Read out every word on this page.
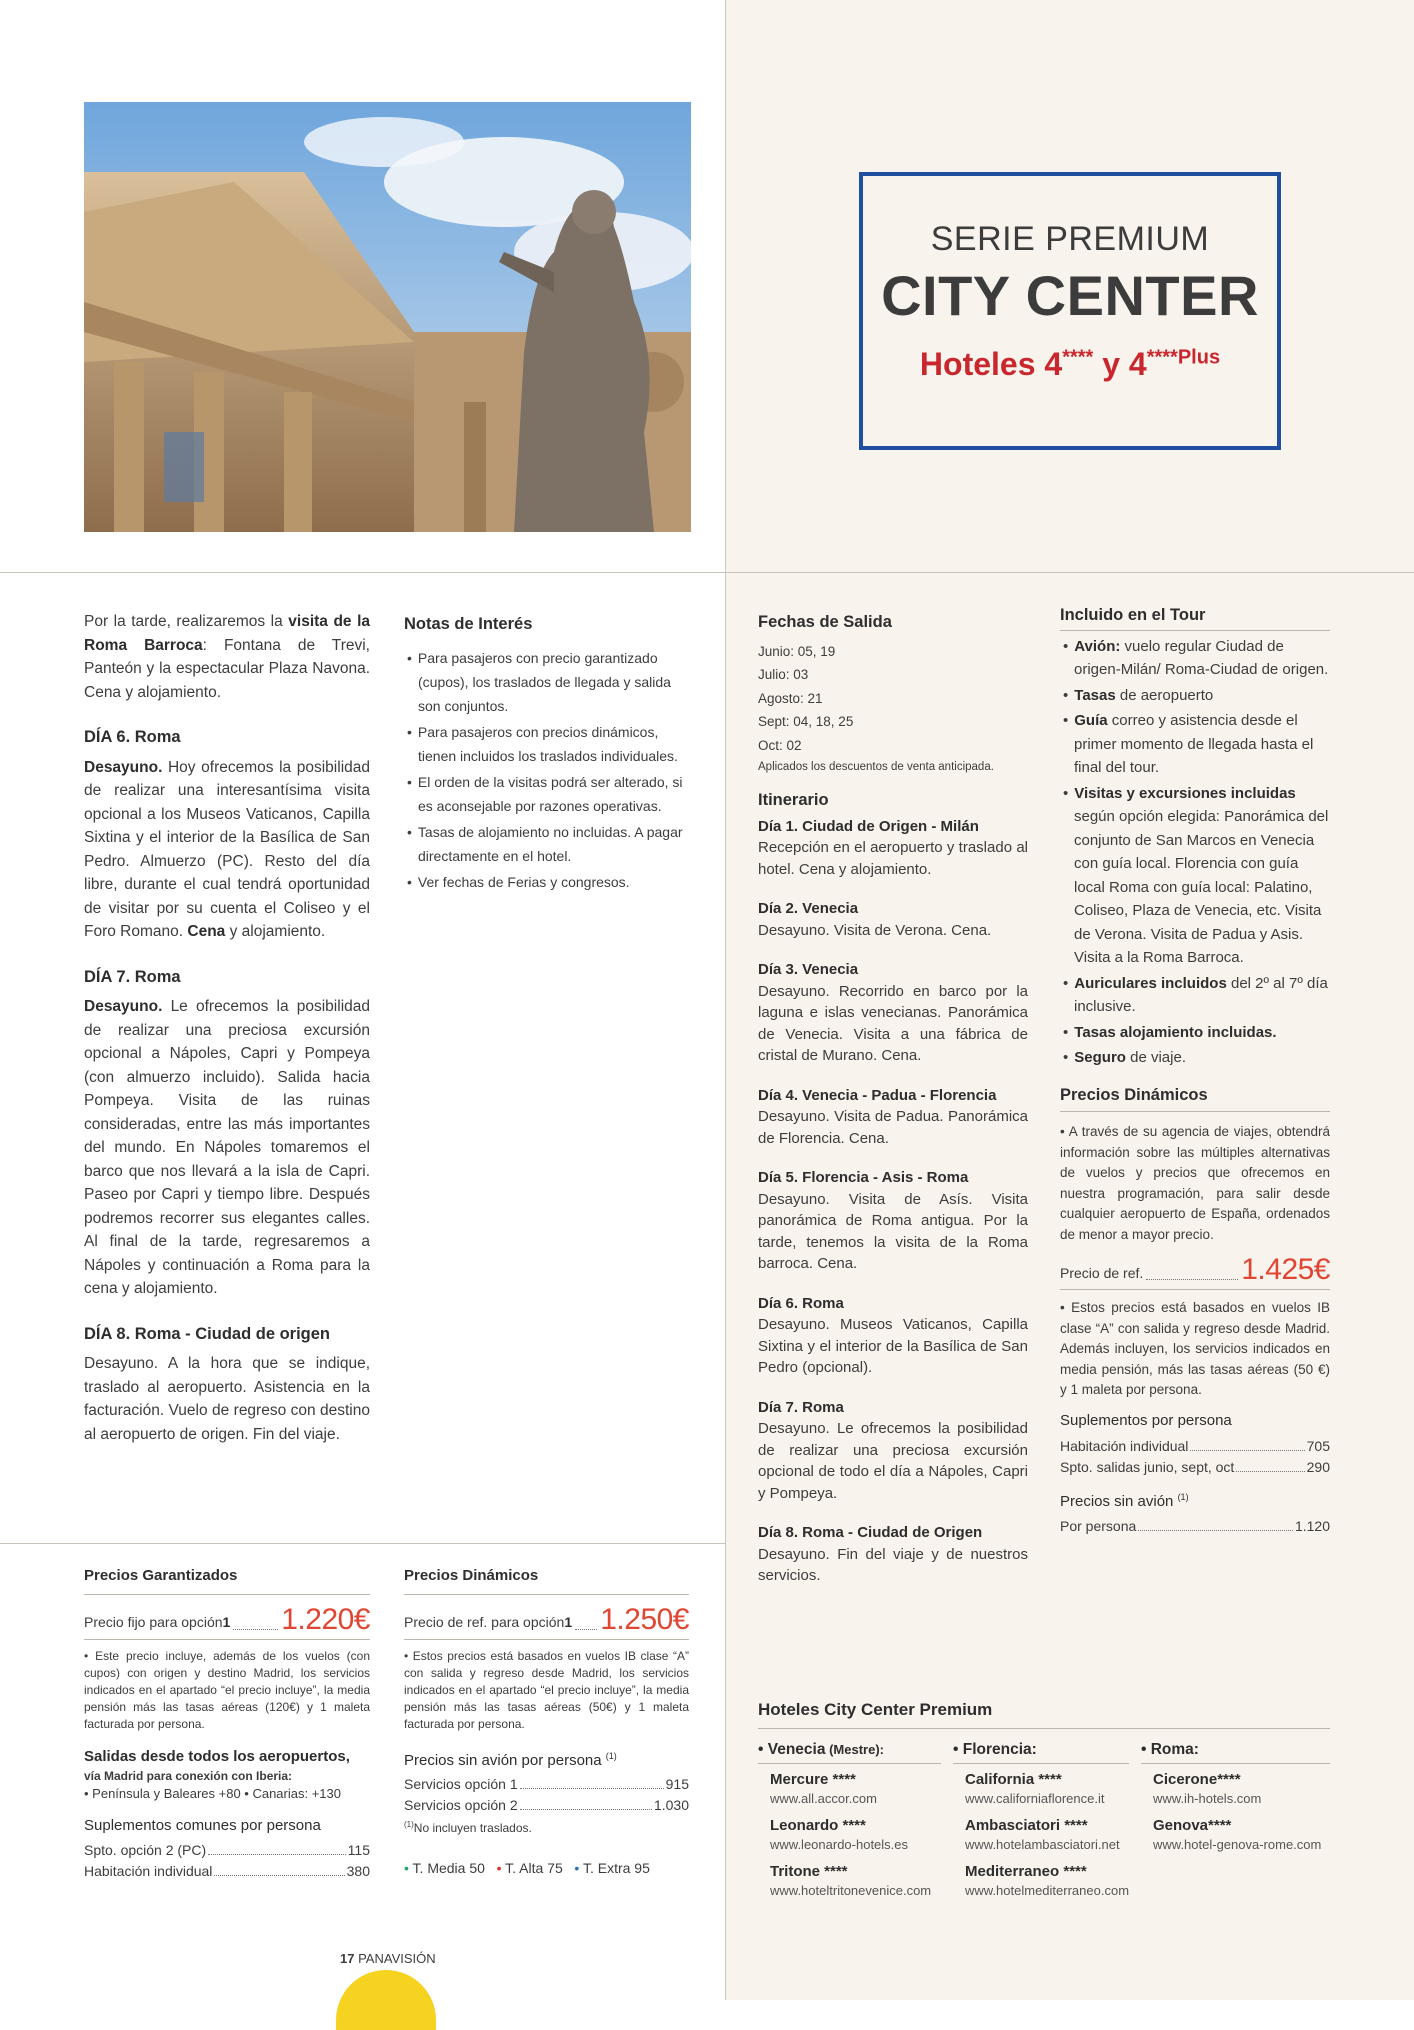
SERIE PREMIUM
CITY CENTER
Hoteles 4**** y $4^{****Plus}$

Por la tarde, realizaremos la visita de la Roma Barroca: Fontana de Trevi, Panteón y la espectacular Plaza Navona. Cena y alojamiento.

DÍA 6. Roma

Desayuno. Hoy ofrecemos la posibilidad de realizar una interesantísima visita opcional a los Museos Vaticanos, Capilla Sixtina y el interior de la Basílica de San Pedro. Almuerzo (PC). Resto del día libre, durante el cual tendrá oportunidad de visitar por su cuenta el Coliseo y el Foro Romano. Cena y alojamiento.

DÍA 7. Roma

Desayuno. Le ofrecemos la posibilidad de realizar una preciosa excursión opcional a Nápoles, Capri y Pompeya (con almuerzo incluido). Salida hacia Pompeya. Visita de las ruinas consideradas, entre las más importantes del mundo. En Nápoles tomaremos el barco que nos llevará a la isla de Capri. Paseo por Capri y tiempo libre. Después podremos recorrer sus elegantes calles. Al final de la tarde, regresaremos a Nápoles y continuación a Roma para la cena y alojamiento.

DÍA 8. Roma - Ciudad de origen

Desayuno. A la hora que se indique, traslado al aeropuerto. Asistencia en la facturación. Vuelo de regreso con destino al aeropuerto de origen. Fin del viaje.

Notas de Interés
• Para pasajeros con precio garantizado (cupos), los traslados de llegada y salida son conjuntos.
• Para pasajeros con precios dinámicos, tienen incluidos los traslados individuales.
• El orden de la visitas podrá ser alterado, si es aconsejable por razones operativas.
• Tasas de alojamiento no incluidas. A pagar directamente en el hotel.
• Ver fechas de Ferias y congresos.
Precios Garantizados
Precio fijo para opción 1 1.220€
• Este precio incluye, además de los vuelos (con cupos) con origen y destino Madrid, los servicios indicados en el apartado “el precio incluye”, la media pensión más las tasas aéreas (120€) y 1 maleta facturada por persona.
Salidas desde todos los aeropuertos,
vía Madrid para conexión con Iberia:
• Península y Baleares +80 • Canarias: +130
Suplementos comunes por persona
Spto. opción 2 (PC)	115
Habitación individual	380
Precios Dinámicos
Precio de ref. para opción 1 1.250€
• Estos precios está basados en vuelos IB clase “A” con salida y regreso desde Madrid, los servicios indicados en el apartado “el precio incluye”, la media pensión más las tasas aéreas (50€) y 1 maleta facturada por persona.
Precios sin avión por persona $^{(1)}$
Servicios opción 1	915
Servicios opción 2	1.030
$^{(1)}$No incluyen traslados.
• T. Media 50 • T. Alta 75 • T. Extra 95
Fechas de Salida
Junio: 05, 19
Julio: 03
Agosto: 21
Sept: 04, 18, 25
Oct: 02
Aplicados los descuentos de venta anticipada.
Itinerario
Día 1. Ciudad de Origen - Milán
Recepción en el aeropuerto y traslado al hotel. Cena y alojamiento.
Día 2. Venecia
Desayuno. Visita de Verona. Cena.
Día 3. Venecia
Desayuno. Recorrido en barco por la laguna e islas venecianas. Panorámica de Venecia. Visita a una fábrica de cristal de Murano. Cena.
Día 4. Venecia - Padua - Florencia
Desayuno. Visita de Padua. Panorámica de Florencia. Cena.
Día 5. Florencia - Asis - Roma
Desayuno. Visita de Asís. Visita panorámica de Roma antigua. Por la tarde, tenemos la visita de la Roma barroca. Cena.
Día 6. Roma
Desayuno. Museos Vaticanos, Capilla Sixtina y el interior de la Basílica de San Pedro (opcional).
Día 7. Roma
Desayuno. Le ofrecemos la posibilidad de realizar una preciosa excursión opcional de todo el día a Nápoles, Capri y Pompeya.
Día 8. Roma - Ciudad de Origen
Desayuno. Fin del viaje y de nuestros servicios.
Incluido en el Tour
• Avión: vuelo regular Ciudad de origen-Milán/ Roma-Ciudad de origen.
• Tasas de aeropuerto
• Guía correo y asistencia desde el primer momento de llegada hasta el final del tour.
• Visitas y excursiones incluidas según opción elegida: Panorámica del conjunto de San Marcos en Venecia con guía local. Florencia con guía local Roma con guía local: Palatino, Coliseo, Plaza de Venecia, etc. Visita de Verona. Visita de Padua y Asis. Visita a la Roma Barroca.
• Auriculares incluidos del 2º al 7º día inclusive.
• Tasas alojamiento incluidas.
• Seguro de viaje.
Precios Dinámicos
• A través de su agencia de viajes, obtendrá información sobre las múltiples alternativas de vuelos y precios que ofrecemos en nuestra programación, para salir desde cualquier aeropuerto de España, ordenados de menor a mayor precio.
Precio de ref.	1.425€
• Estos precios está basados en vuelos IB clase “A” con salida y regreso desde Madrid. Además incluyen, los servicios indicados en media pensión, más las tasas aéreas (50 €) y 1 maleta por persona.
Suplementos por persona
Habitación individual	705
Spto. salidas junio, sept, oct	290
Precios sin avión $^{(1)}$
Por persona	1.120
Hoteles City Center Premium
• Venecia (Mestre):
Mercure ****
www.all.accor.com
Leonardo ****
www.leonardo-hotels.es
Tritone ****
www.hoteltritonevenice.com
• Florencia:
California ****
www.californiaflorence.it
Ambasciatori ****
www.hotelambasciatori.net
Mediterraneo ****
www.hotelmediterraneo.com
• Roma:
Cicerone****
www.ih-hotels.com
Genova****
www.hotel-genova-rome.com
17 PANAVISIÓN
